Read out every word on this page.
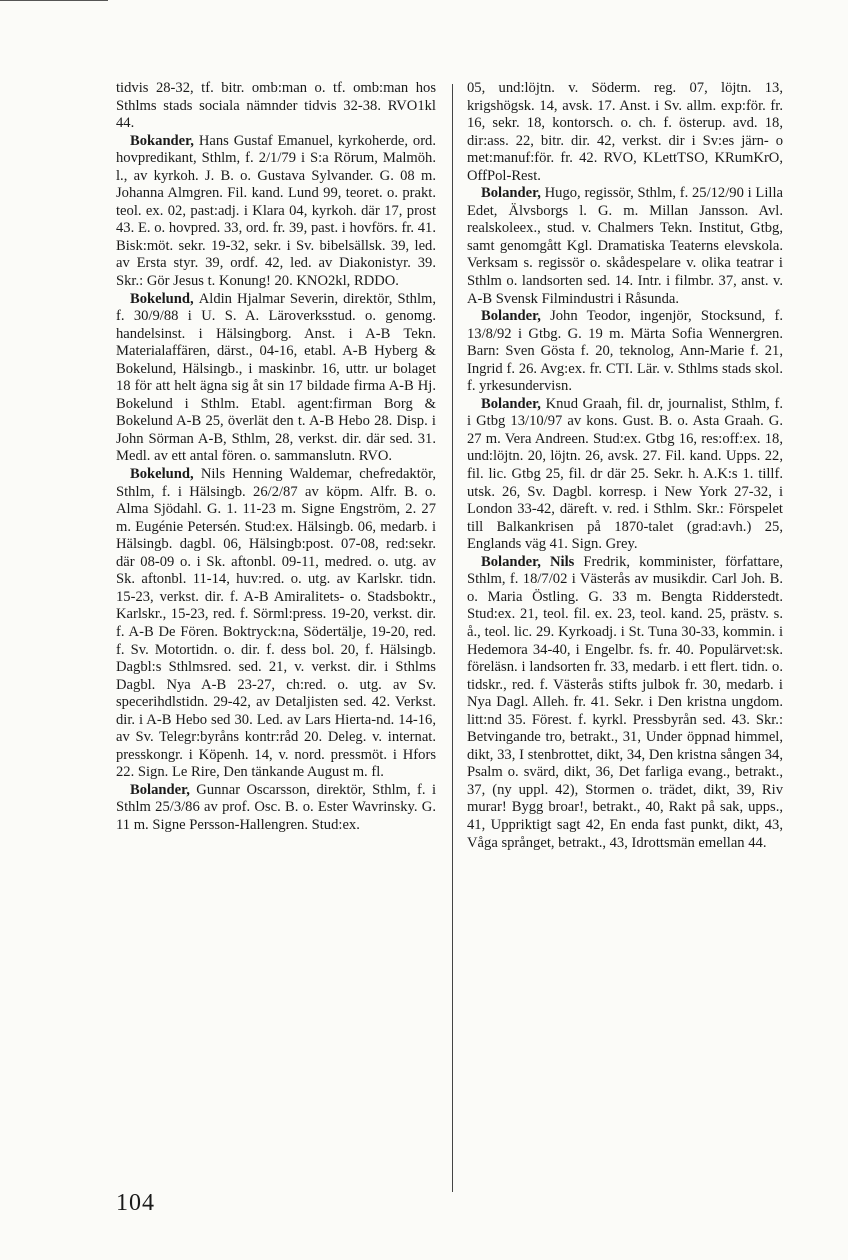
tidvis 28-32, tf. bitr. omb:man o. tf. omb:man hos Sthlms stads sociala nämnder tidvis 32-38. RVO1kl 44.

Bokander, Hans Gustaf Emanuel, kyrkoherde, ord. hovpredikant, Sthlm, f. 2/1/79 i S:a Rörum, Malmöh. l., av kyrkoh. J. B. o. Gustava Sylvander. G. 08 m. Johanna Almgren. Fil. kand. Lund 99, teoret. o. prakt. teol. ex. 02, past:adj. i Klara 04, kyrkoh. där 17, prost 43. E. o. hovpred. 33, ord. fr. 39, past. i hovförs. fr. 41. Bisk:möt. sekr. 19-32, sekr. i Sv. bibelsällsk. 39, led. av Ersta styr. 39, ordf. 42, led. av Diakonistyr. 39. Skr.: Gör Jesus t. Konung! 20. KNO2kl, RDDO.

Bokelund, Aldin Hjalmar Severin, direktör, Sthlm, f. 30/9/88 i U. S. A. Läroverksstud. o. genomg. handelsinst. i Hälsingborg. Anst. i A-B Tekn. Materialaffären, därst., 04-16, etabl. A-B Hyberg & Bokelund, Hälsingb., i maskinbr. 16, uttr. ur bolaget 18 för att helt ägna sig åt sin 17 bildade firma A-B Hj. Bokelund i Sthlm. Etabl. agent:firman Borg & Bokelund A-B 25, överlät den t. A-B Hebo 28. Disp. i John Sörman A-B, Sthlm, 28, verkst. dir. där sed. 31. Medl. av ett antal fören. o. sammanslutn. RVO.

Bokelund, Nils Henning Waldemar, chefredaktör, Sthlm, f. i Hälsingb. 26/2/87 av köpm. Alfr. B. o. Alma Sjödahl. G. 1. 11-23 m. Signe Engström, 2. 27 m. Eugénie Petersén. Stud:ex. Hälsingb. 06, medarb. i Hälsingb. dagbl. 06, Hälsingb:post. 07-08, red:sekr. där 08-09 o. i Sk. aftonbl. 09-11, medred. o. utg. av Sk. aftonbl. 11-14, huv:red. o. utg. av Karlskr. tidn. 15-23, verkst. dir. f. A-B Amiralitets- o. Stadsboktr., Karlskr., 15-23, red. f. Sörml:press. 19-20, verkst. dir. f. A-B De Fören. Boktryck:na, Södertälje, 19-20, red. f. Sv. Motortidn. o. dir. f. dess bol. 20, f. Hälsingb. Dagbl:s Sthlmsred. sed. 21, v. verkst. dir. i Sthlms Dagbl. Nya A-B 23-27, ch:red. o. utg. av Sv. specerihdlstidn. 29-42, av Detaljisten sed. 42. Verkst. dir. i A-B Hebo sed 30. Led. av Lars Hierta-nd. 14-16, av Sv. Telegr:byråns kontr:råd 20. Deleg. v. internat. presskongr. i Köpenh. 14, v. nord. pressmöt. i Hfors 22. Sign. Le Rire, Den tänkande August m. fl.

Bolander, Gunnar Oscarsson, direktör, Sthlm, f. i Sthlm 25/3/86 av prof. Osc. B. o. Ester Wavrinsky. G. 11 m. Signe Persson-Hallengren. Stud:ex.

05, und:löjtn. v. Söderm. reg. 07, löjtn. 13, krigshögsk. 14, avsk. 17. Anst. i Sv. allm. exp:för. fr. 16, sekr. 18, kontorsch. o. ch. f. österup. avd. 18, dir:ass. 22, bitr. dir. 42, verkst. dir i Sv:es järn- o met:manuf:för. fr. 42. RVO, KLettTSO, KRumKrO, OffPol-Rest.

Bolander, Hugo, regissör, Sthlm, f. 25/12/90 i Lilla Edet, Älvsborgs l. G. m. Millan Jansson. Avl. realskoleex., stud. v. Chalmers Tekn. Institut, Gtbg, samt genomgått Kgl. Dramatiska Teaterns elevskola. Verksam s. regissör o. skådespelare v. olika teatrar i Sthlm o. landsorten sed. 14. Intr. i filmbr. 37, anst. v. A-B Svensk Filmindustri i Råsunda.

Bolander, John Teodor, ingenjör, Stocksund, f. 13/8/92 i Gtbg. G. 19 m. Märta Sofia Wennergren. Barn: Sven Gösta f. 20, teknolog, Ann-Marie f. 21, Ingrid f. 26. Avg:ex. fr. CTI. Lär. v. Sthlms stads skol. f. yrkesundervisn.

Bolander, Knud Graah, fil. dr, journalist, Sthlm, f. i Gtbg 13/10/97 av kons. Gust. B. o. Asta Graah. G. 27 m. Vera Andreen. Stud:ex. Gtbg 16, res:off:ex. 18, und:löjtn. 20, löjtn. 26, avsk. 27. Fil. kand. Upps. 22, fil. lic. Gtbg 25, fil. dr där 25. Sekr. h. A.K:s 1. tillf. utsk. 26, Sv. Dagbl. korresp. i New York 27-32, i London 33-42, däreft. v. red. i Sthlm. Skr.: Förspelet till Balkankrisen på 1870-talet (grad:avh.) 25, Englands väg 41. Sign. Grey.

Bolander, Nils Fredrik, komminister, författare, Sthlm, f. 18/7/02 i Västerås av musikdir. Carl Joh. B. o. Maria Östling. G. 33 m. Bengta Ridderstedt. Stud:ex. 21, teol. fil. ex. 23, teol. kand. 25, prästv. s. å., teol. lic. 29. Kyrkoadj. i St. Tuna 30-33, kommin. i Hedemora 34-40, i Engelbr. fs. fr. 40. Populärvet:sk. föreläsn. i landsorten fr. 33, medarb. i ett flert. tidn. o. tidskr., red. f. Västerås stifts julbok fr. 30, medarb. i Nya Dagl. Alleh. fr. 41. Sekr. i Den kristna ungdom. litt:nd 35. Förest. f. kyrkl. Pressbyrån sed. 43. Skr.: Betvingande tro, betrakt., 31, Under öppnad himmel, dikt, 33, I stenbrottet, dikt, 34, Den kristna sången 34, Psalm o. svärd, dikt, 36, Det farliga evang., betrakt., 37, (ny uppl. 42), Stormen o. trädet, dikt, 39, Riv murar! Bygg broar!, betrakt., 40, Rakt på sak, upps., 41, Uppriktigt sagt 42, En enda fast punkt, dikt, 43, Våga språnget, betrakt., 43, Idrottsmän emellan 44.

104
